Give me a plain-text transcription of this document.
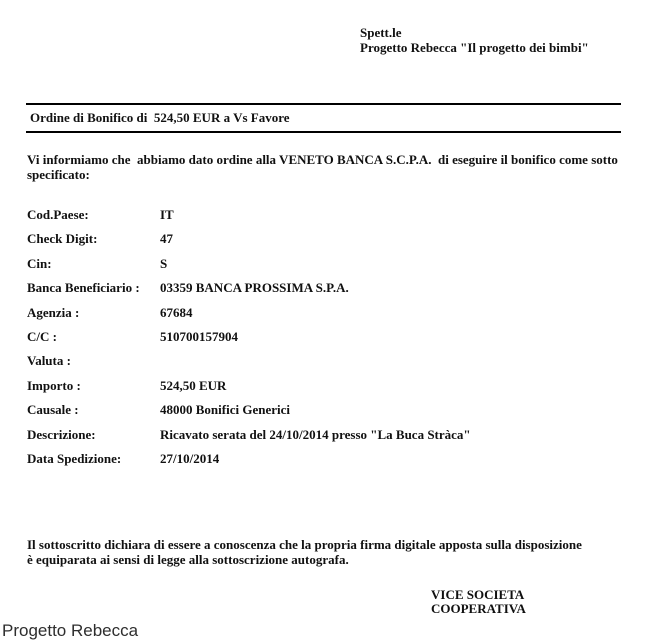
Spett.le
Progetto Rebecca "Il progetto dei bimbi"
Ordine di Bonifico di  524,50 EUR a Vs Favore
Vi informiamo che  abbiamo dato ordine alla VENETO BANCA S.C.P.A.  di eseguire il bonifico come sotto specificato:
Cod.Paese:	IT
Check Digit:	47
Cin:	S
Banca Beneficiario :	03359 BANCA PROSSIMA S.P.A.
Agenzia :	67684
C/C :	510700157904
Valuta :
Importo :	524,50 EUR
Causale :	48000 Bonifici Generici
Descrizione:	Ricavato serata del 24/10/2014 presso "La Buca Stràca"
Data Spedizione:	27/10/2014
Il sottoscritto dichiara di essere a conoscenza che la propria firma digitale apposta sulla disposizione è equiparata ai sensi di legge alla sottoscrizione autografa.
VICE SOCIETA
COOPERATIVA
Progetto Rebecca
